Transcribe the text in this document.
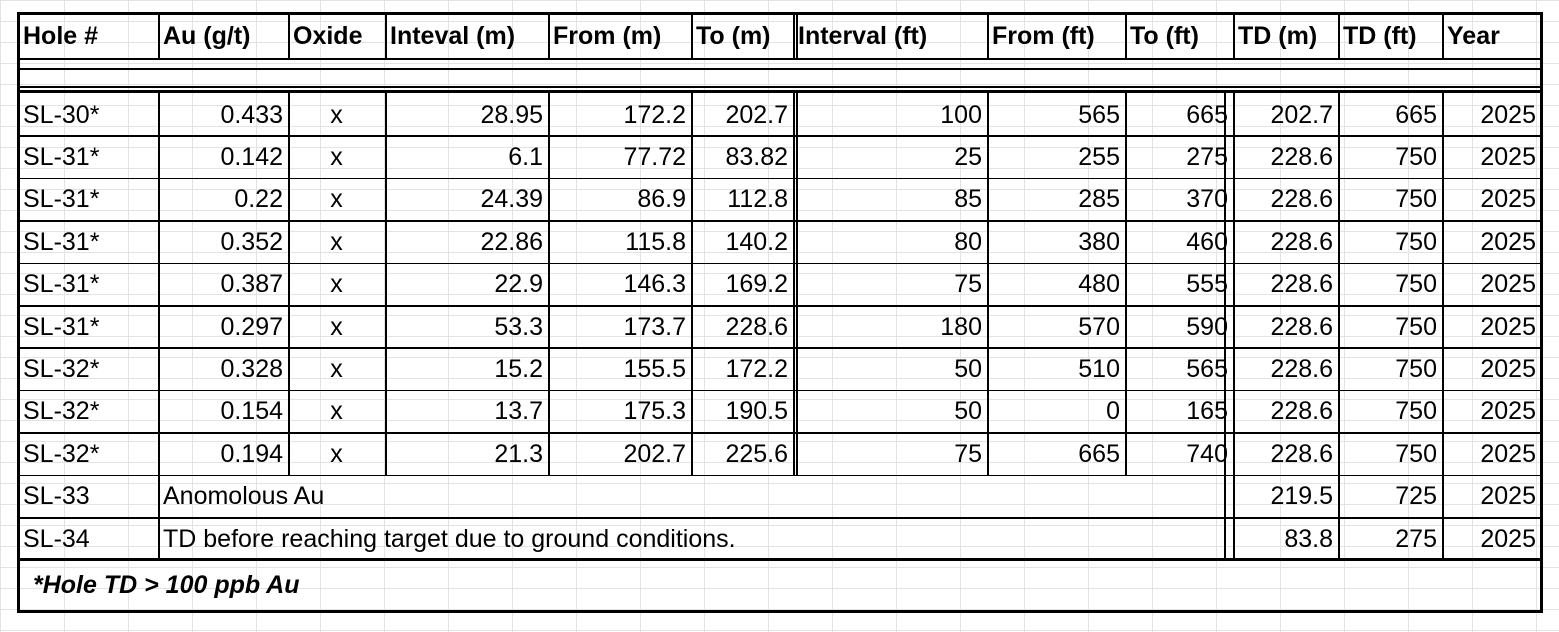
Hole #	Au (g/t)	Oxide	Inteval (m)	From (m)	To (m)	Interval (ft)	From (ft)	To (ft)	TD (m)	TD (ft)	Year
SL-30*	0.433	x	28.95	172.2	202.7	100	565	665	202.7	665	2025
SL-31*	0.142	x	6.1	77.72	83.82	25	255	275	228.6	750	2025
SL-31*	0.22	x	24.39	86.9	112.8	85	285	370	228.6	750	2025
SL-31*	0.352	x	22.86	115.8	140.2	80	380	460	228.6	750	2025
SL-31*	0.387	x	22.9	146.3	169.2	75	480	555	228.6	750	2025
SL-31*	0.297	x	53.3	173.7	228.6	180	570	590	228.6	750	2025
SL-32*	0.328	x	15.2	155.5	172.2	50	510	565	228.6	750	2025
SL-32*	0.154	x	13.7	175.3	190.5	50	0	165	228.6	750	2025
SL-32*	0.194	x	21.3	202.7	225.6	75	665	740	228.6	750	2025
SL-33	Anomolous Au	219.5	725	2025
SL-34	TD before reaching target due to ground conditions.	83.8	275	2025
*Hole TD > 100 ppb Au
